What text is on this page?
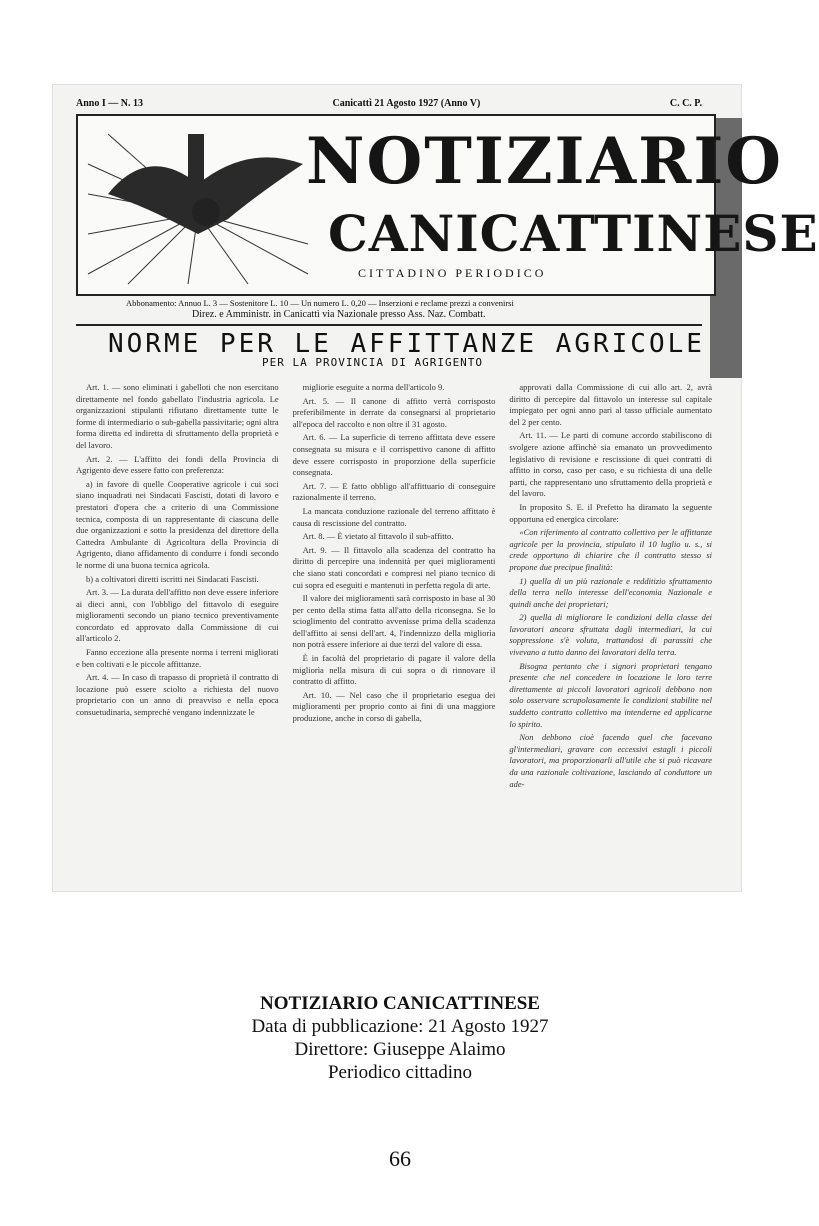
Anno I — N. 13	Canicattì 21 Agosto 1927 (Anno V)	C. C. P.
NOTIZIARIO
CANICATTINESE
CITTADINO PERIODICO
Abbonamento: Annuo L. 3 — Sostenitore L. 10 — Un numero L. 0,20 — Inserzioni e reclame prezzi a convenirsi
Direz. e Amministr. in Canicattì via Nazionale presso Ass. Naz. Combatt.
NORME PER LE AFFITTANZE AGRICOLE
PER LA PROVINCIA DI AGRIGENTO

Art. 1. — sono eliminati i gabelloti che non esercitano direttamente nel fondo gabellato l'industria agricola. Le organizzazioni stipulanti rifiutano direttamente tutte le forme di intermediario o sub-gabella passivitarie; ogni altra forma diretta ed indiretta di sfruttamento della proprietà e del lavoro.

Art. 2. — L'affitto dei fondi della Provincia di Agrigento deve essere fatto con preferenza:

a) in favore di quelle Cooperative agricole i cui soci siano inquadrati nei Sindacati Fascisti, dotati di lavoro e prestatori d'opera che a criterio di una Commissione tecnica, composta di un rappresentante di ciascuna delle due organizzazioni e sotto la presidenza del direttore della Cattedra Ambulante di Agricoltura della Provincia di Agrigento, diano affidamento di condurre i fondi secondo le norme di una buona tecnica agricola.

b) a coltivatori diretti iscritti nei Sindacati Fascisti.

Art. 3. — La durata dell'affitto non deve essere inferiore ai dieci anni, con l'obbligo del fittavolo di eseguire miglioramenti secondo un piano tecnico preventivamente concordato ed approvato dalla Commissione di cui all'articolo 2.

Fanno eccezione alla presente norma i terreni migliorati e ben coltivati e le piccole affittanze.

Art. 4. — In caso di trapasso di proprietà il contratto di locazione può essere sciolto a richiesta del nuovo proprietario con un anno di preavviso e nella epoca consuetudinaria, semprechè vengano indennizzate le

migliorie eseguite a norma dell'articolo 9.

Art. 5. — Il canone di affitto verrà corrisposto preferibilmente in derrate da consegnarsi al proprietario all'epoca del raccolto e non oltre il 31 agosto.

Art. 6. — La superficie di terreno affittata deve essere consegnata su misura e il corrispettivo canone di affitto deve essere corrisposto in proporzione della superficie consegnata.

Art. 7. — E fatto obbligo all'affittuario di conseguire razionalmente il terreno.

La mancata conduzione razionale del terreno affittato è causa di rescissione del contratto.

Art. 8. — È vietato al fittavolo il sub-affitto.

Art. 9. — Il fittavolo alla scadenza del contratto ha diritto di percepire una indennità per quei miglioramenti che siano stati concordati e compresi nel piano tecnico di cui sopra ed eseguiti e mantenuti in perfetta regola di arte.

Il valore dei miglioramenti sarà corrisposto in base al 30 per cento della stima fatta all'atto della riconsegna. Se lo scioglimento del contratto avvenisse prima della scadenza dell'affitto ai sensi dell'art. 4, l'indennizzo della migliorìa non potrà essere inferiore ai due terzi del valore di essa.

È in facoltà del proprietario di pagare il valore della migliorìa nella misura di cui sopra o di rinnovare il contratto di affitto.

Art. 10. — Nel caso che il proprietario esegua dei miglioramenti per proprio conto ai fini di una maggiore produzione, anche in corso di gabella,

approvati dalla Commissione di cui allo art. 2, avrà diritto di percepire dal fittavolo un interesse sul capitale impiegato per ogni anno pari al tasso ufficiale aumentato del 2 per cento.

Art. 11. — Le parti di comune accordo stabiliscono di svolgere azione affinchè sia emanato un provvedimento legislativo di revisione e rescissione di quei contratti di affitto in corso, caso per caso, e su richiesta di una delle parti, che rappresentano uno sfruttamento della proprietà e del lavoro.

In proposito S. E. il Prefetto ha diramato la seguente opportuna ed energica circolare:

«Con riferimento al contratto collettivo per le affittanze agricole per la provincia, stipulato il 10 luglio u. s., si crede opportuno di chiarire che il contratto stesso si propone due precipue finalità:

1) quella di un più razionale e redditizio sfruttamento della terra nello interesse dell'economia Nazionale e quindi anche dei proprietari;

2) quella di migliorare le condizioni della classe dei lavoratori ancora sfruttata dagli intermediari, la cui soppressione s'è voluta, trattandosi di parassiti che vivevano a tutto danno dei lavoratori della terra.

Bisogna pertanto che i signori proprietari tengano presente che nel concedere in locazione le loro terre direttamente ai piccoli lavoratori agricoli debbono non solo osservare scrupolosamente le condizioni stabilite nel suddetto contratto collettivo ma intenderne ed applicarne lo spirito.

Non debbono cioè facendo quel che facevano gl'intermediari, gravare con eccessivi estagli i piccoli lavoratori, ma proporzionarli all'utile che si può ricavare da una razionale coltivazione, lasciando al conduttore un ade-

NOTIZIARIO CANICATTINESE
Data di pubblicazione: 21 Agosto 1927
Direttore: Giuseppe Alaimo
Periodico cittadino
66
